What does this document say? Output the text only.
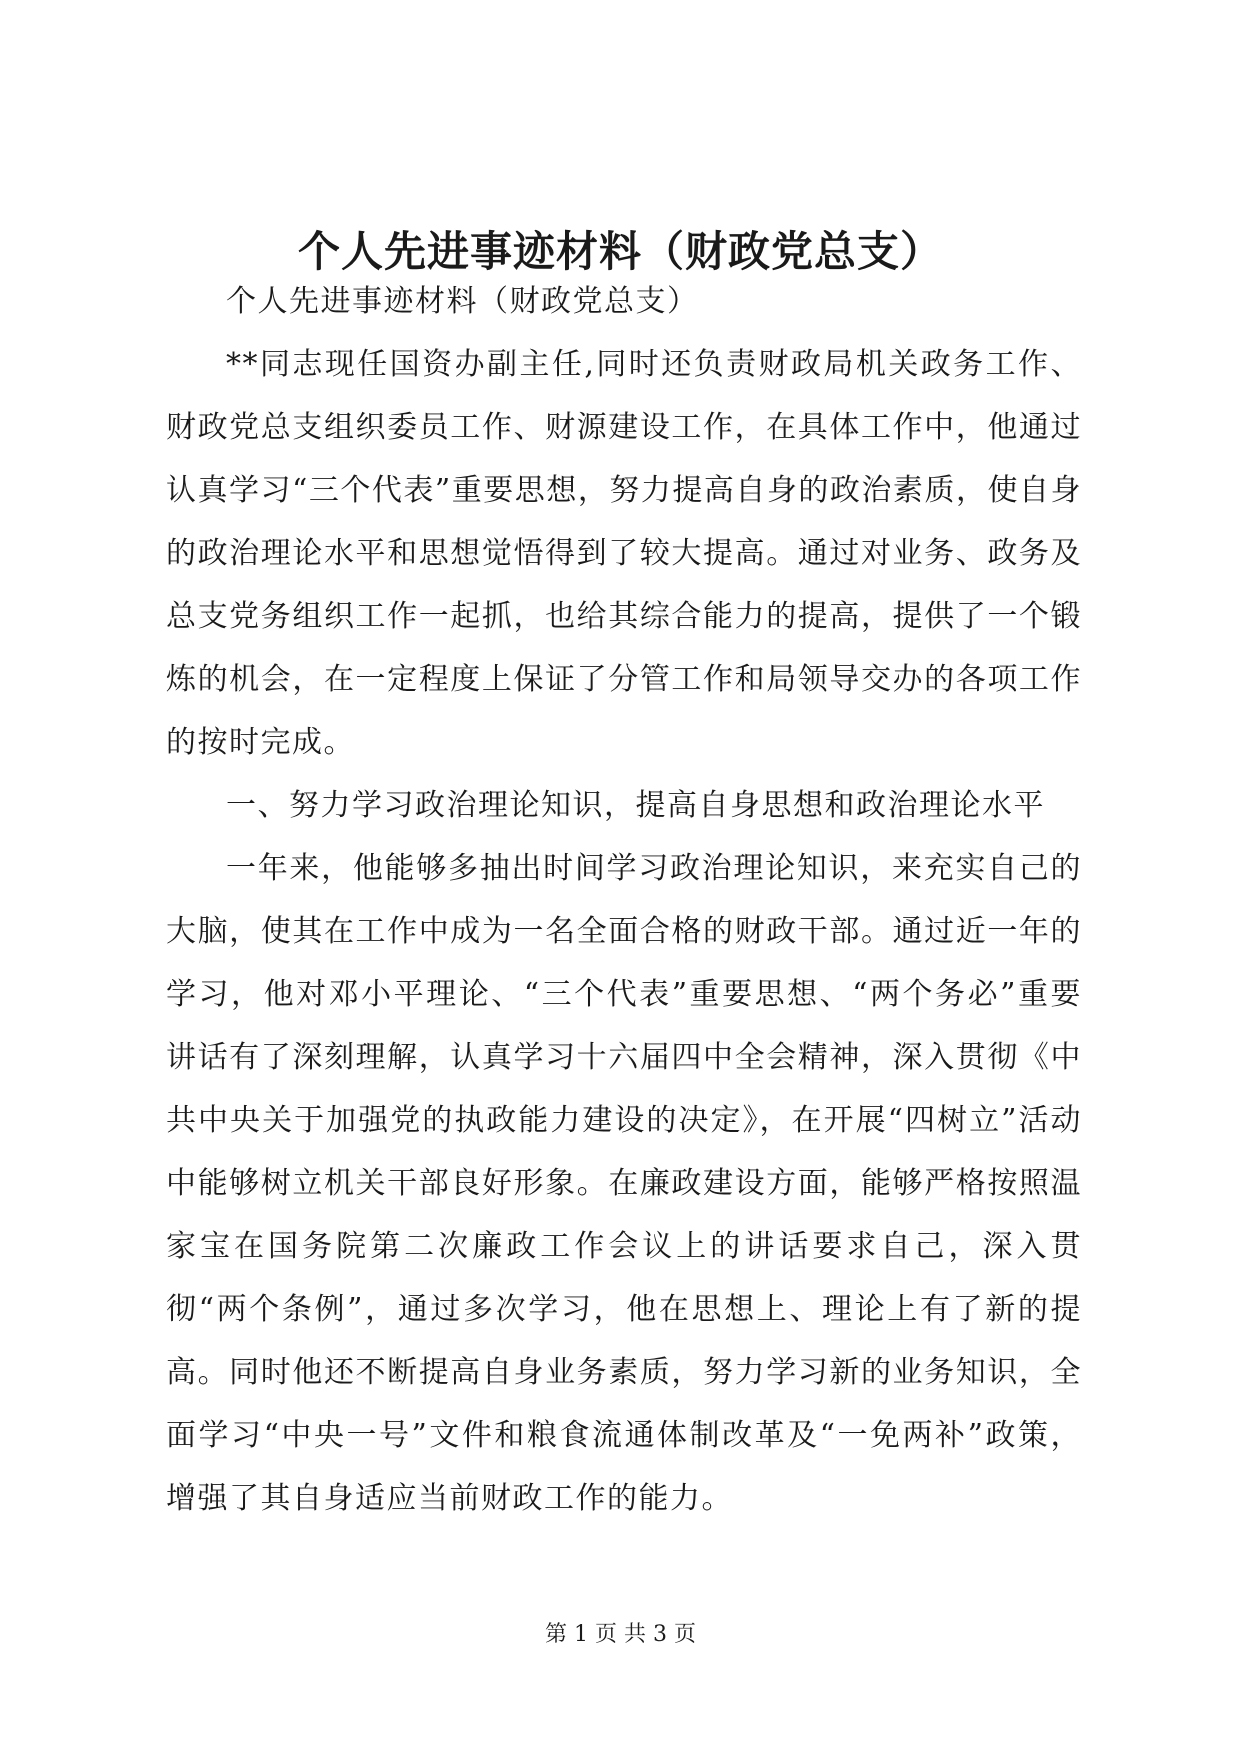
个人先进事迹材料（财政党总支）

个人先进事迹材料（财政党总支）

**同志现任国资办副主任,同时还负责财政局机关政务工作、财政党总支组织委员工作、财源建设工作，在具体工作中，他通过认真学习“三个代表”重要思想，努力提高自身的政治素质，使自身的政治理论水平和思想觉悟得到了较大提高。通过对业务、政务及总支党务组织工作一起抓，也给其综合能力的提高，提供了一个锻炼的机会，在一定程度上保证了分管工作和局领导交办的各项工作的按时完成。

一、努力学习政治理论知识，提高自身思想和政治理论水平

一年来，他能够多抽出时间学习政治理论知识，来充实自己的大脑，使其在工作中成为一名全面合格的财政干部。通过近一年的学习，他对邓小平理论、“三个代表”重要思想、“两个务必”重要讲话有了深刻理解，认真学习十六届四中全会精神，深入贯彻《中共中央关于加强党的执政能力建设的决定》，在开展“四树立”活动中能够树立机关干部良好形象。在廉政建设方面，能够严格按照温家宝在国务院第二次廉政工作会议上的讲话要求自己，深入贯彻“两个条例”，通过多次学习，他在思想上、理论上有了新的提高。同时他还不断提高自身业务素质，努力学习新的业务知识，全面学习“中央一号”文件和粮食流通体制改革及“一免两补”政策，增强了其自身适应当前财政工作的能力。

第 1 页 共 3 页
